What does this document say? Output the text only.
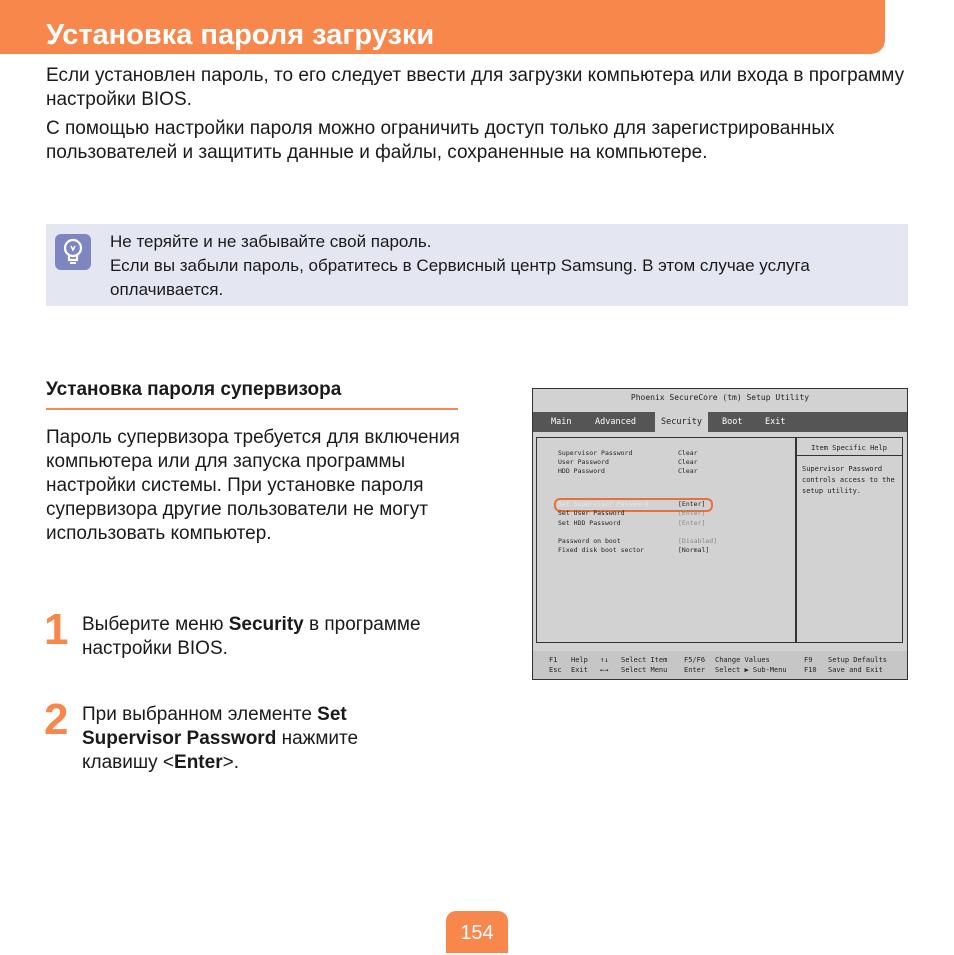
Установка пароля загрузки

Если установлен пароль, то его следует ввести для загрузки компьютера или входа в программу настройки BIOS.

С помощью настройки пароля можно ограничить доступ только для зарегистрированных пользователей и защитить данные и файлы, сохраненные на компьютере.

Не теряйте и не забывайте свой пароль.

Если вы забыли пароль, обратитесь в Сервисный центр Samsung. В этом случае услуга оплачивается.

Установка пароля супервизора
Пароль супервизора требуется для включения компьютера или для запуска программы настройки системы. При установке пароля супервизора другие пользователи не могут использовать компьютер.
1 Выберите меню Security в программе настройки BIOS.
2 При выбранном элементе Set Supervisor Password нажмите клавишу <Enter>.
Phoenix SecureCore (tm) Setup Utility
Main	Advanced	Security	Boot	Exit
Supervisor Password	Clear
User Password	Clear
HDD Password	Clear
Set Supervisor Password	[Enter]
Set User Password	[Enter]
Set HDD Password	[Enter]
Password on boot	[Disabled]
Fixed disk boot sector	[Normal]
Item Specific Help
Supervisor Password controls access to the setup utility.
F1 Help
Esc Exit
↑↓ Select Item
←→ Select Menu
F5/F6 Change Values
Enter Select ▶ Sub-Menu
F9 Setup Defaults
F10 Save and Exit
154
